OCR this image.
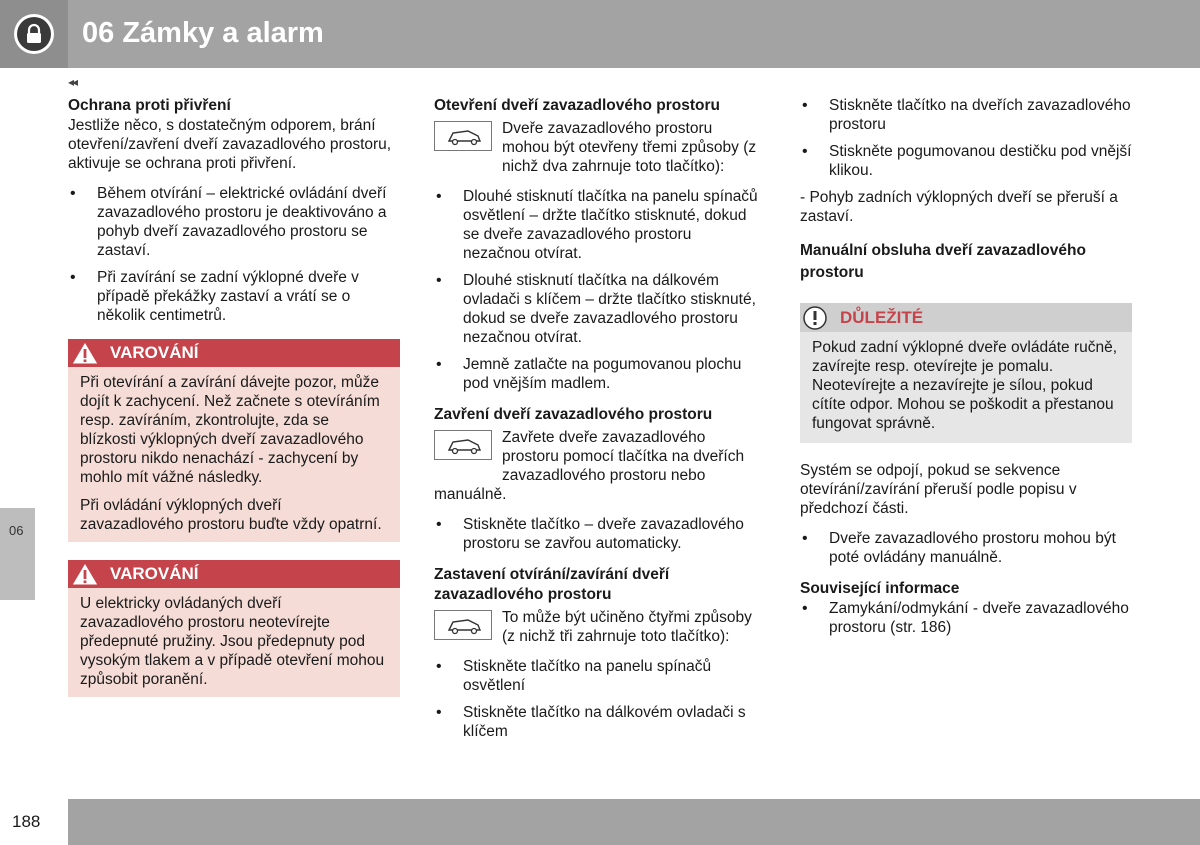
06 Zámky a alarm
◂◂
06
Ochrana proti přivření

Jestliže něco, s dostatečným odporem, brání otevření/zavření dveří zavazadlového prostoru, aktivuje se ochrana proti přivření.

• Během otvírání – elektrické ovládání dveří zavazadlového prostoru je deaktivováno a pohyb dveří zavazadlového prostoru se zastaví.
• Při zavírání se zadní výklopné dveře v případě překážky zastaví a vrátí se o několik centimetrů.
VAROVÁNÍ

Při otevírání a zavírání dávejte pozor, může dojít k zachycení. Než začnete s otevíráním resp. zavíráním, zkontrolujte, zda se blízkosti výklopných dveří zavazadlového prostoru nikdo nenachází - zachycení by mohlo mít vážné následky.

Při ovládání výklopných dveří zavazadlového prostoru buďte vždy opatrní.

VAROVÁNÍ

U elektricky ovládaných dveří zavazadlového prostoru neotevírejte předepnuté pružiny. Jsou předepnuty pod vysokým tlakem a v případě otevření mohou způsobit poranění.

Otevření dveří zavazadlového prostoru

Dveře zavazadlového prostoru mohou být otevřeny třemi způsoby (z nichž dva zahrnuje toto tlačítko):

• Dlouhé stisknutí tlačítka na panelu spínačů osvětlení – držte tlačítko stisknuté, dokud se dveře zavazadlového prostoru nezačnou otvírat.
• Dlouhé stisknutí tlačítka na dálkovém ovladači s klíčem – držte tlačítko stisknuté, dokud se dveře zavazadlového prostoru nezačnou otvírat.
• Jemně zatlačte na pogumovanou plochu pod vnějším madlem.
Zavření dveří zavazadlového prostoru

Zavřete dveře zavazadlového prostoru pomocí tlačítka na dveřích zavazadlového prostoru nebo

manuálně.

• Stiskněte tlačítko – dveře zavazadlového prostoru se zavřou automaticky.
Zastavení otvírání/zavírání dveří zavazadlového prostoru

To může být učiněno čtyřmi způsoby (z nichž tři zahrnuje toto tlačítko):

• Stiskněte tlačítko na panelu spínačů osvětlení
• Stiskněte tlačítko na dálkovém ovladači s klíčem
• Stiskněte tlačítko na dveřích zavazadlového prostoru
• Stiskněte pogumovanou destičku pod vnější klikou.

- Pohyb zadních výklopných dveří se přeruší a zastaví.

Manuální obsluha dveří zavazadlového prostoru
DŮLEŽITÉ

Pokud zadní výklopné dveře ovládáte ručně, zavírejte resp. otevírejte je pomalu. Neotevírejte a nezavírejte je sílou, pokud cítíte odpor. Mohou se poškodit a přestanou fungovat správně.

Systém se odpojí, pokud se sekvence otevírání/zavírání přeruší podle popisu v předchozí části.

• Dveře zavazadlového prostoru mohou být poté ovládány manuálně.
Související informace
• Zamykání/odmykání - dveře zavazadlového prostoru (str. 186)
188
